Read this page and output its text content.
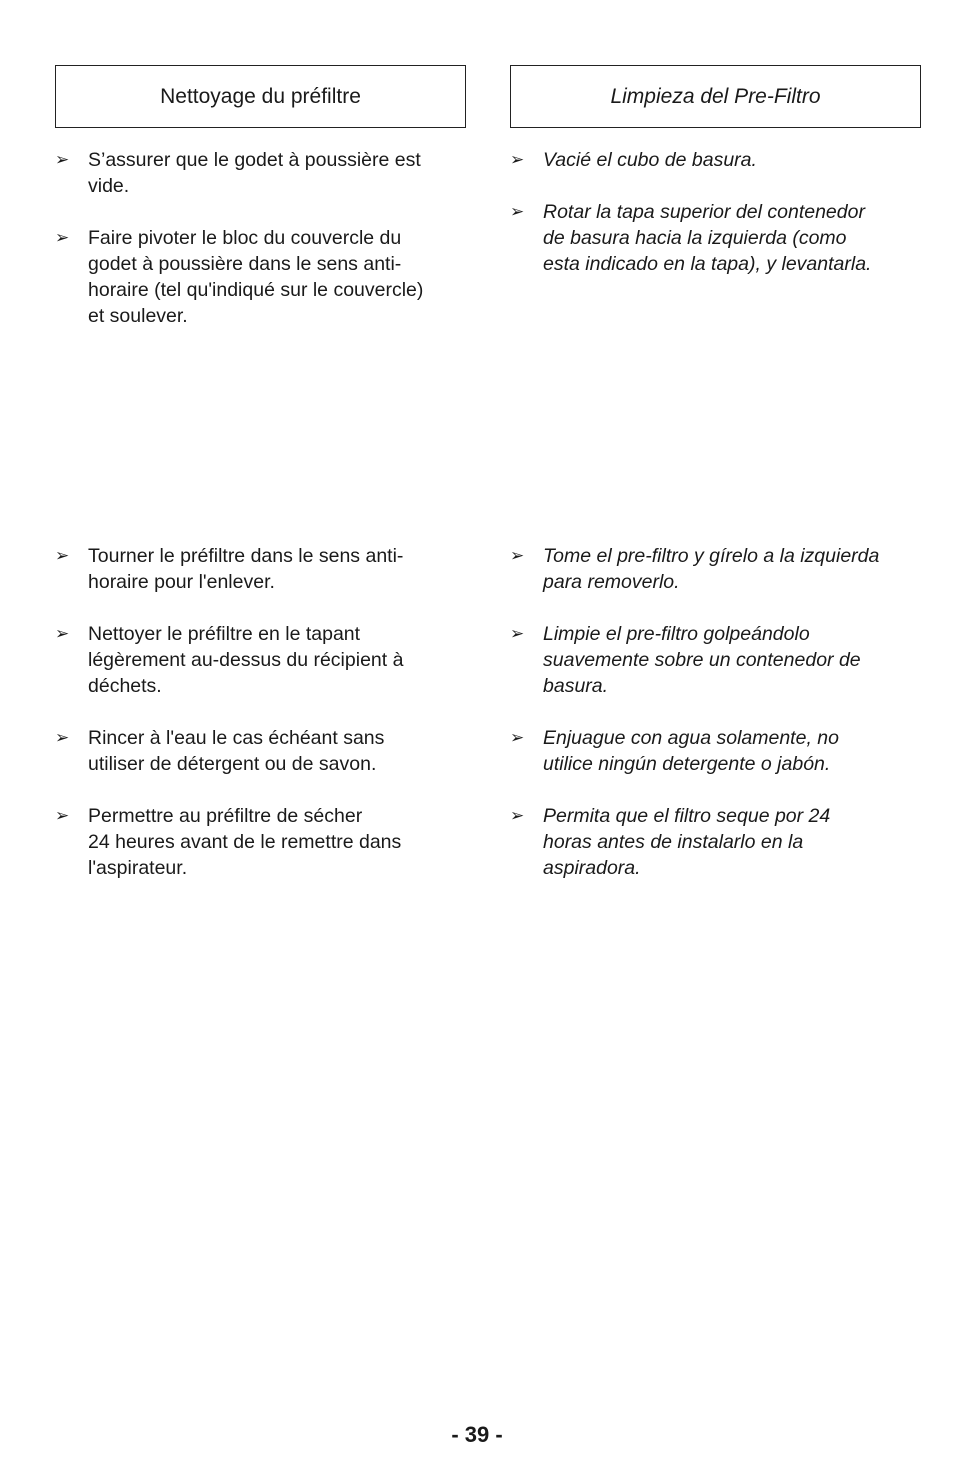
Nettoyage du préfiltre	Limpieza del Pre-Filtro
➢ S’assurer que le godet à poussière est
vide.
➢ Faire pivoter le bloc du couvercle du
godet à poussière dans le sens anti-
horaire (tel qu'indiqué sur le couvercle)
et soulever.
➢ Vacié el cubo de basura.
➢ Rotar la tapa superior del contenedor
de basura hacia la izquierda (como
esta indicado en la tapa), y levantarla.
➢ Tourner le préfiltre dans le sens anti-
horaire pour l'enlever.
➢ Nettoyer le préfiltre en le tapant
légèrement au-dessus du récipient à
déchets.
➢ Rincer à l'eau le cas échéant sans
utiliser de détergent ou de savon.
➢ Permettre au préfiltre de sécher
24 heures avant de le remettre dans
l'aspirateur.
➢ Tome el pre-filtro y gírelo a la izquierda
para removerlo.
➢ Limpie el pre-filtro golpeándolo
suavemente sobre un contenedor de
basura.
➢ Enjuague con agua solamente, no
utilice ningún detergente o jabón.
➢ Permita que el filtro seque por 24
horas antes de instalarlo en la
aspiradora.
- 39 -
